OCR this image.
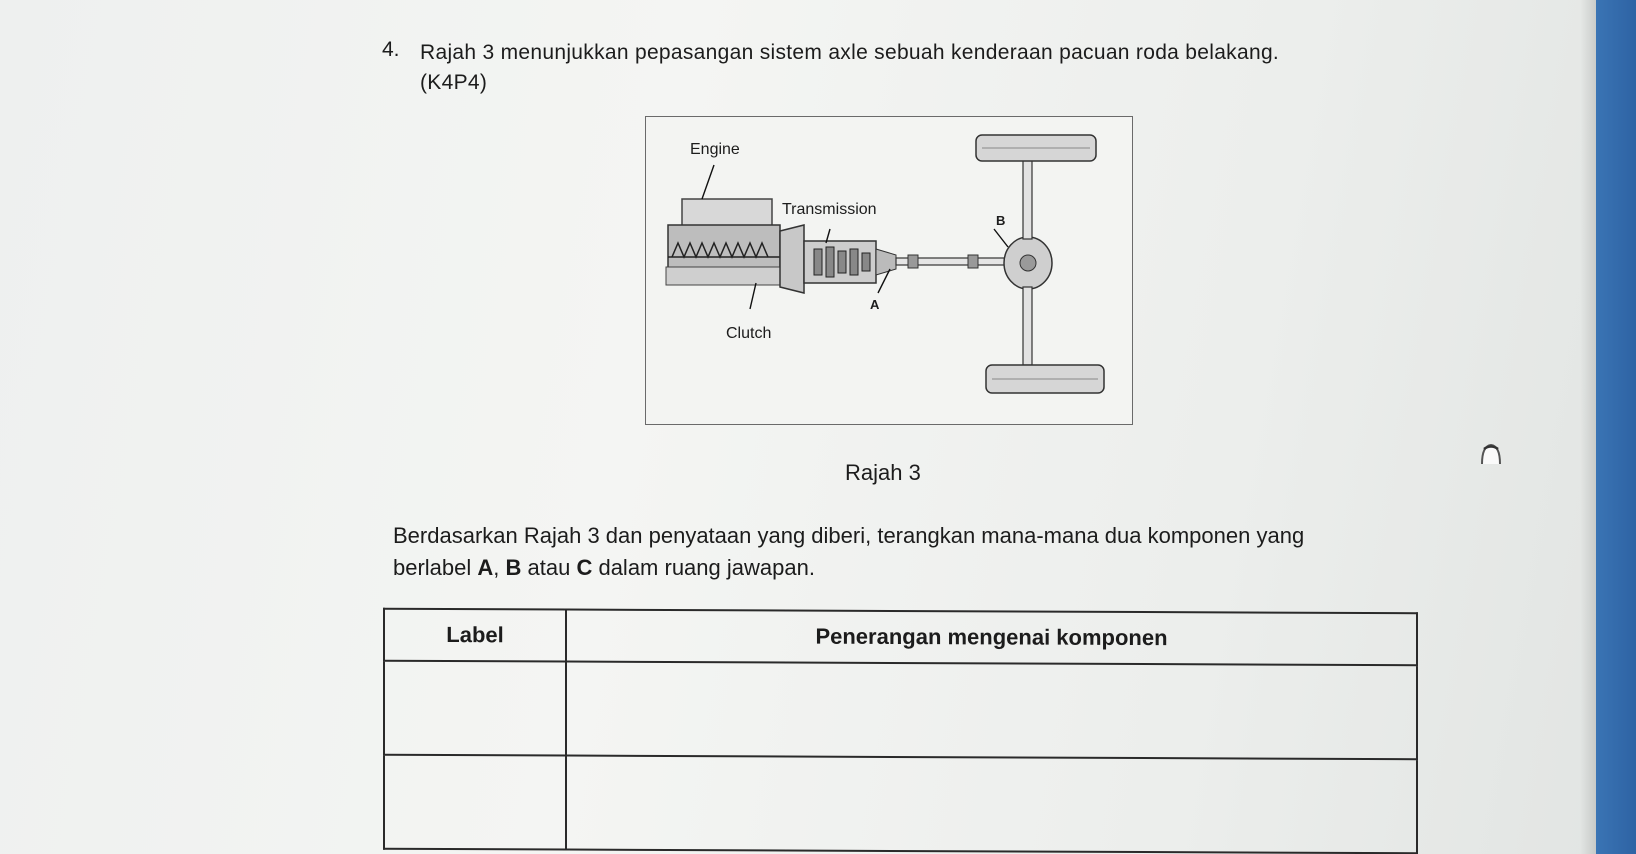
4. Rajah 3 menunjukkan pepasangan sistem axle sebuah kenderaan pacuan roda belakang. (K4P4)
Engine
Transmission
B
A
Clutch
Rajah 3
Berdasarkan Rajah 3 dan penyataan yang diberi, terangkan mana-mana dua komponen yang berlabel A, B atau C dalam ruang jawapan.
Label	Penerangan mengenai komponen
